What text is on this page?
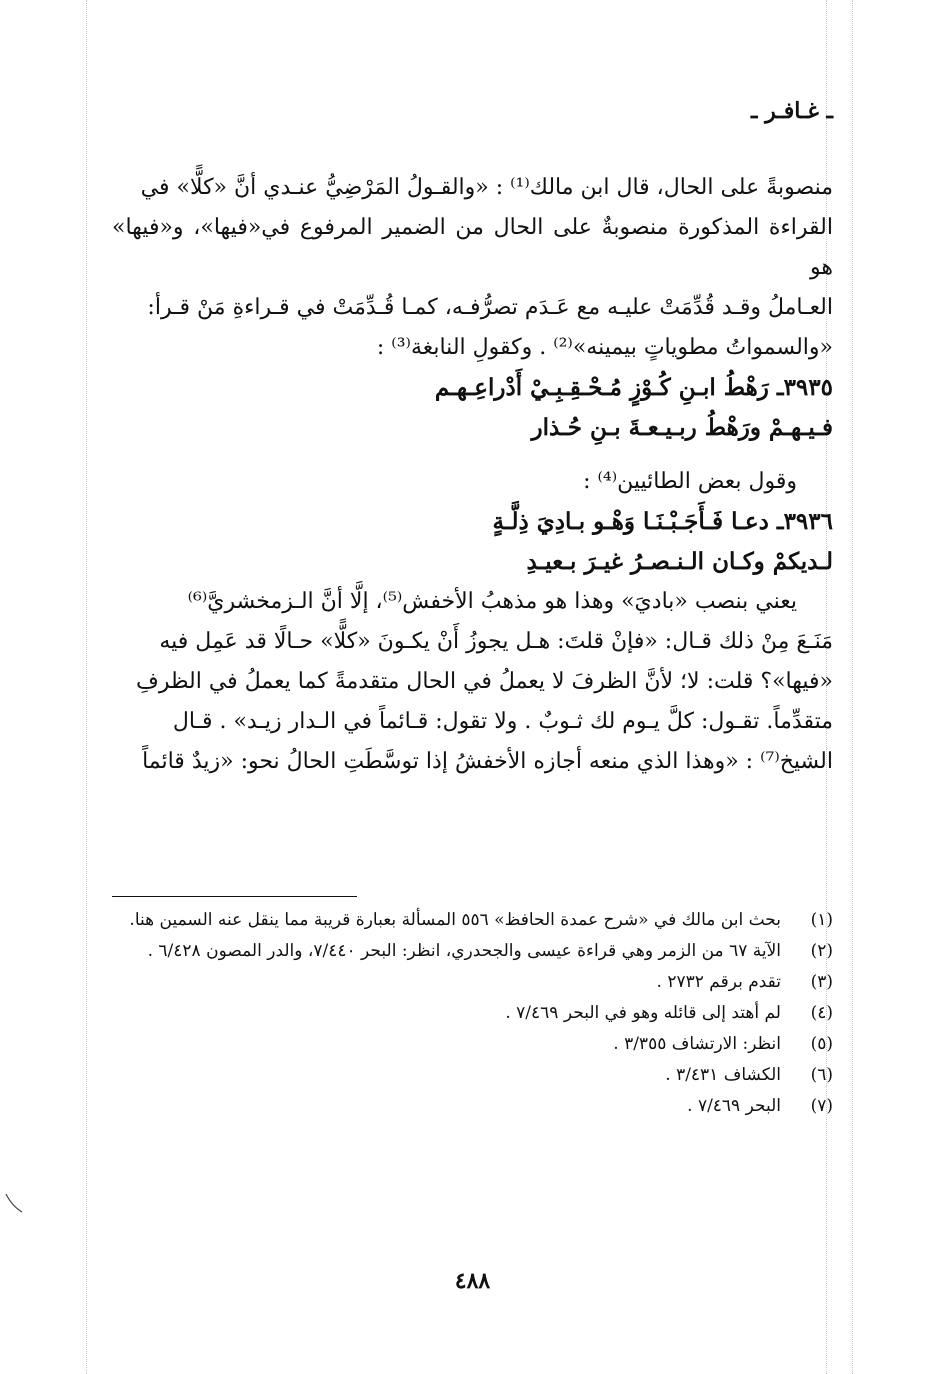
ـ غـافـر ـ

منصوبةً على الحال، قال ابن مالك⁽¹⁾ : «والقـولُ المَرْضِيُّ عنـدي أنَّ «كلًّا» في

القراءة المذكورة منصوبةٌ على الحال من الضمير المرفوع في«فيها»، و«فيها» هو

العـاملُ وقـد قُدِّمَتْ عليـه مع عَـدَم تصرُّفـه، كمـا قُـدِّمَتْ في قـراءةِ مَنْ قـرأ:

«والسمواتُ مطوياتٍ بيمينه»⁽²⁾ . وكقولِ النابغة⁽³⁾ :

٣٩٣٥ـ رَهْطُ ابـنِ كُـوْزٍ مُـحْـقِـبِـيْ أَدْراعِـهـم
فـيـهـمْ ورَهْطُ ربـيـعـةَ بـنِ حُـذار

وقول بعض الطائيين⁽⁴⁾ :

٣٩٣٦ـ دعـا فَـأَجَـبْـنَـا وَهْـو بـادِيَ ذِلَّـةٍ
لـديكمْ وكـان الـنـصـرُ غيـرَ بـعيـدِ

يعني بنصب «باديَ» وهذا هو مذهبُ الأخفش⁽⁵⁾، إلَّا أنَّ الـزمخشريَّ⁽⁶⁾

مَنَـعَ مِنْ ذلك قـال: «فإنْ قلتَ: هـل يجوزُ أَنْ يكـونَ «كلًّا» حـالًا قد عَمِل فيه

«فيها»؟ قلت: لا؛ لأنَّ الظرفَ لا يعملُ في الحال متقدمةً كما يعملُ في الظرفِ

متقدِّماً. تقـول: كلَّ يـوم لك ثـوبٌ . ولا تقول: قـائماً في الـدار زيـد» . قـال

الشيخ⁽⁷⁾ : «وهذا الذي منعه أجازه الأخفشُ إذا توسَّطَتِ الحالُ نحو: «زيدٌ قائماً

(١)
بحث ابن مالك في «شرح عمدة الحافظ» ٥٥٦ المسألة بعبارة قريبة مما ينقل عنه السمين هنا.
(٢)
الآية ٦٧ من الزمر وهي قراءة عيسى والجحدري، انظر: البحر ٧/٤٤٠، والدر المصون ٦/٤٢٨ .
(٣)
تقدم برقم ٢٧٣٢ .
(٤)
لم أهتد إلى قائله وهو في البحر ٧/٤٦٩ .
(٥)
انظر: الارتشاف ٣/٣٥٥ .
(٦)
الكشاف ٣/٤٣١ .
(٧)
البحر ٧/٤٦٩ .
٤٨٨
